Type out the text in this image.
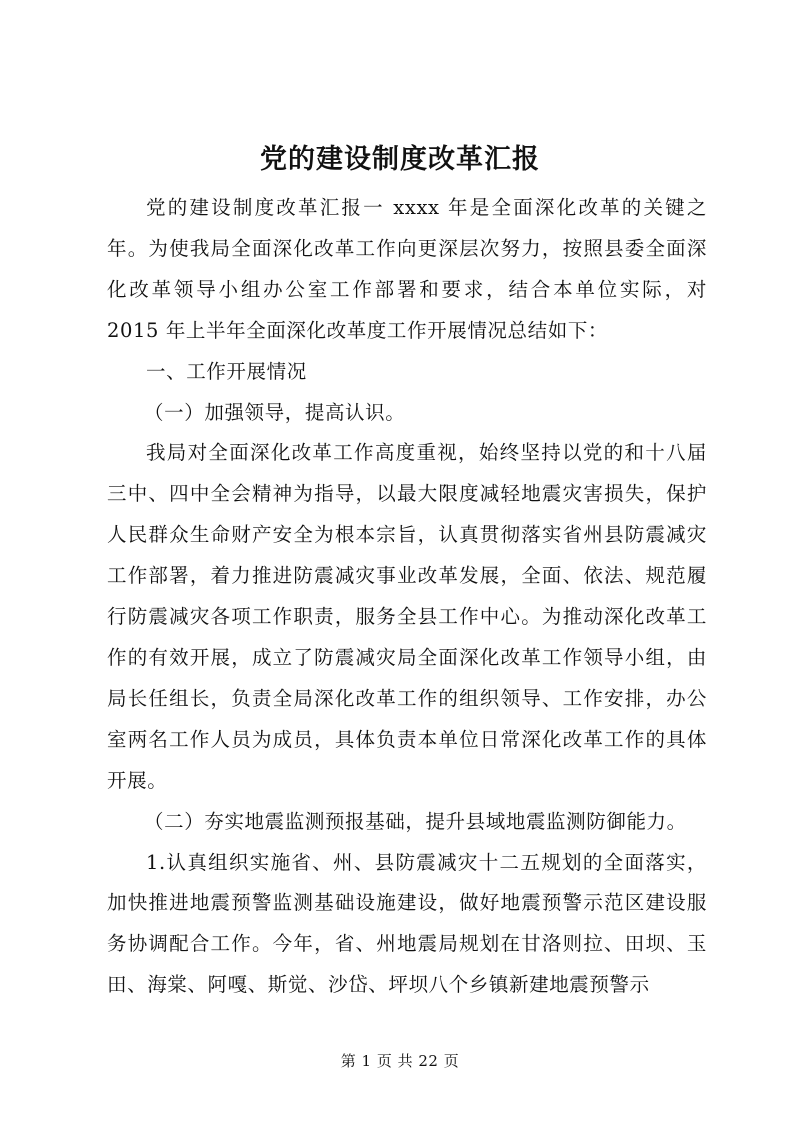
党的建设制度改革汇报

党的建设制度改革汇报一 xxxx 年是全面深化改革的关键之年。为使我局全面深化改革工作向更深层次努力，按照县委全面深化改革领导小组办公室工作部署和要求，结合本单位实际，对 2015 年上半年全面深化改革度工作开展情况总结如下：

一、工作开展情况

（一）加强领导，提高认识。

我局对全面深化改革工作高度重视，始终坚持以党的和十八届三中、四中全会精神为指导，以最大限度减轻地震灾害损失，保护人民群众生命财产安全为根本宗旨，认真贯彻落实省州县防震减灾工作部署，着力推进防震减灾事业改革发展，全面、依法、规范履行防震减灾各项工作职责，服务全县工作中心。为推动深化改革工作的有效开展，成立了防震减灾局全面深化改革工作领导小组，由局长任组长，负责全局深化改革工作的组织领导、工作安排，办公室两名工作人员为成员，具体负责本单位日常深化改革工作的具体开展。

（二）夯实地震监测预报基础，提升县域地震监测防御能力。

1.认真组织实施省、州、县防震减灾十二五规划的全面落实，加快推进地震预警监测基础设施建设，做好地震预警示范区建设服务协调配合工作。今年，省、州地震局规划在甘洛则拉、田坝、玉田、海棠、阿嘎、斯觉、沙岱、坪坝八个乡镇新建地震预警示

第 1 页 共 22 页
